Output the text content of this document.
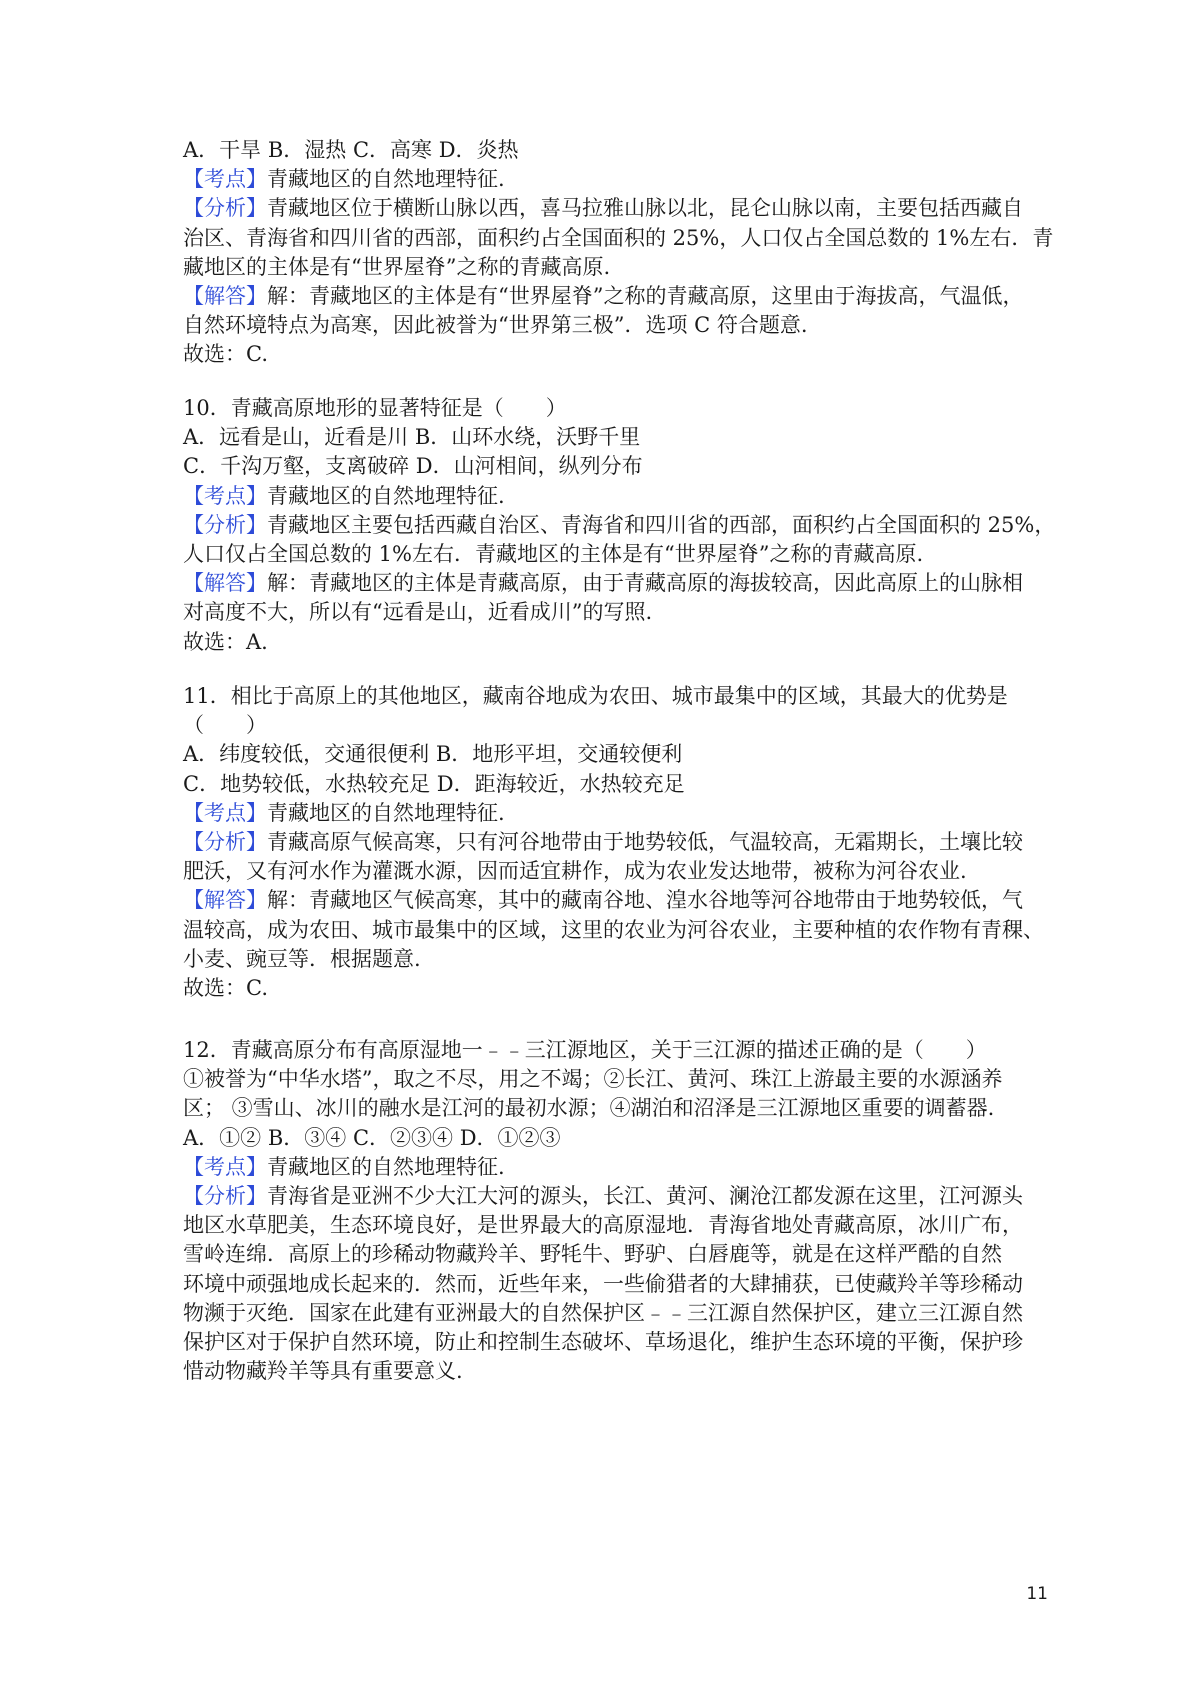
A．干旱 B．湿热 C．高寒 D．炎热
【考点】青藏地区的自然地理特征.
【分析】青藏地区位于横断山脉以西，喜马拉雅山脉以北，昆仑山脉以南，主要包括西藏自
治区、青海省和四川省的西部，面积约占全国面积的 25%，人口仅占全国总数的 1%左右．青
藏地区的主体是有“世界屋脊”之称的青藏高原.
【解答】解：青藏地区的主体是有“世界屋脊”之称的青藏高原，这里由于海拔高，气温低，
自然环境特点为高寒，因此被誉为“世界第三极”．选项 C 符合题意.
故选：C.
10．青藏高原地形的显著特征是（　　）
A．远看是山，近看是川 B．山环水绕，沃野千里
C．千沟万壑，支离破碎 D．山河相间，纵列分布
【考点】青藏地区的自然地理特征.
【分析】青藏地区主要包括西藏自治区、青海省和四川省的西部，面积约占全国面积的 25%，
人口仅占全国总数的 1%左右．青藏地区的主体是有“世界屋脊”之称的青藏高原.
【解答】解：青藏地区的主体是青藏高原，由于青藏高原的海拔较高，因此高原上的山脉相
对高度不大，所以有“远看是山，近看成川”的写照.
故选：A.
11．相比于高原上的其他地区，藏南谷地成为农田、城市最集中的区域，其最大的优势是
（　　）
A．纬度较低，交通很便利 B．地形平坦，交通较便利
C．地势较低，水热较充足 D．距海较近，水热较充足
【考点】青藏地区的自然地理特征.
【分析】青藏高原气候高寒，只有河谷地带由于地势较低，气温较高，无霜期长，土壤比较
肥沃，又有河水作为灌溉水源，因而适宜耕作，成为农业发达地带，被称为河谷农业.
【解答】解：青藏地区气候高寒，其中的藏南谷地、湟水谷地等河谷地带由于地势较低，气
温较高，成为农田、城市最集中的区域，这里的农业为河谷农业，主要种植的农作物有青稞、
小麦、豌豆等．根据题意.
故选：C.
12．青藏高原分布有高原湿地一﹣﹣三江源地区，关于三江源的描述正确的是（　　）
①被誉为“中华水塔”，取之不尽，用之不竭；②长江、黄河、珠江上游最主要的水源涵养
区； ③雪山、冰川的融水是江河的最初水源；④湖泊和沼泽是三江源地区重要的调蓄器.
A．①② B．③④ C．②③④ D．①②③
【考点】青藏地区的自然地理特征.
【分析】青海省是亚洲不少大江大河的源头，长江、黄河、澜沧江都发源在这里，江河源头
地区水草肥美，生态环境良好，是世界最大的高原湿地．青海省地处青藏高原，冰川广布，
雪岭连绵．高原上的珍稀动物藏羚羊、野牦牛、野驴、白唇鹿等，就是在这样严酷的自然
环境中顽强地成长起来的．然而，近些年来，一些偷猎者的大肆捕获，已使藏羚羊等珍稀动
物濒于灭绝．国家在此建有亚洲最大的自然保护区﹣﹣三江源自然保护区，建立三江源自然
保护区对于保护自然环境，防止和控制生态破坏、草场退化，维护生态环境的平衡，保护珍
惜动物藏羚羊等具有重要意义.
11
